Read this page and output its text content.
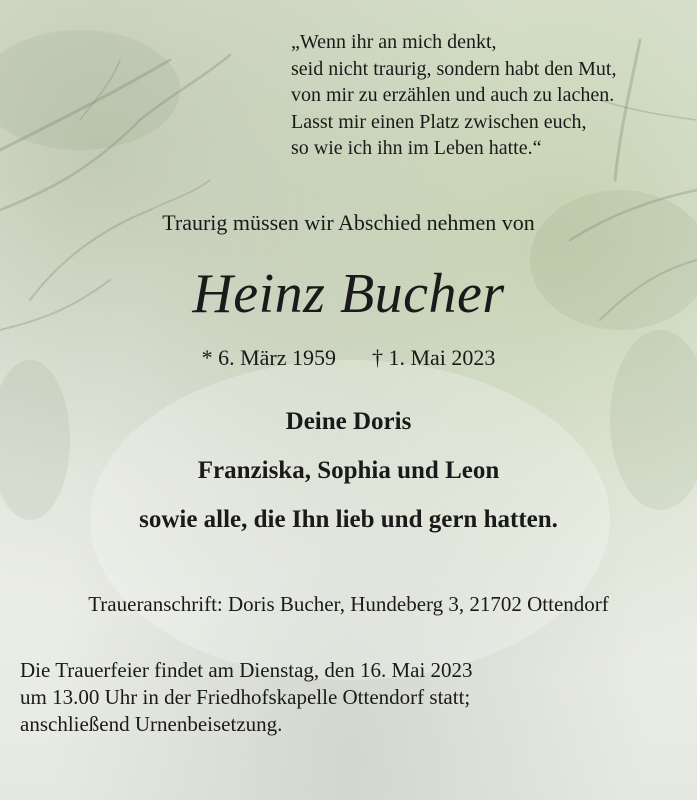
„Wenn ihr an mich denkt,
seid nicht traurig, sondern habt den Mut,
von mir zu erzählen und auch zu lachen.
Lasst mir einen Platz zwischen euch,
so wie ich ihn im Leben hatte.“
Traurig müssen wir Abschied nehmen von
Heinz Bucher
* 6. März 1959 † 1. Mai 2023
Deine Doris
Franziska, Sophia und Leon
sowie alle, die Ihn lieb und gern hatten.
Traueranschrift: Doris Bucher, Hundeberg 3, 21702 Ottendorf
Die Trauerfeier findet am Dienstag, den 16. Mai 2023
um 13.00 Uhr in der Friedhofskapelle Ottendorf statt;
anschließend Urnenbeisetzung.
